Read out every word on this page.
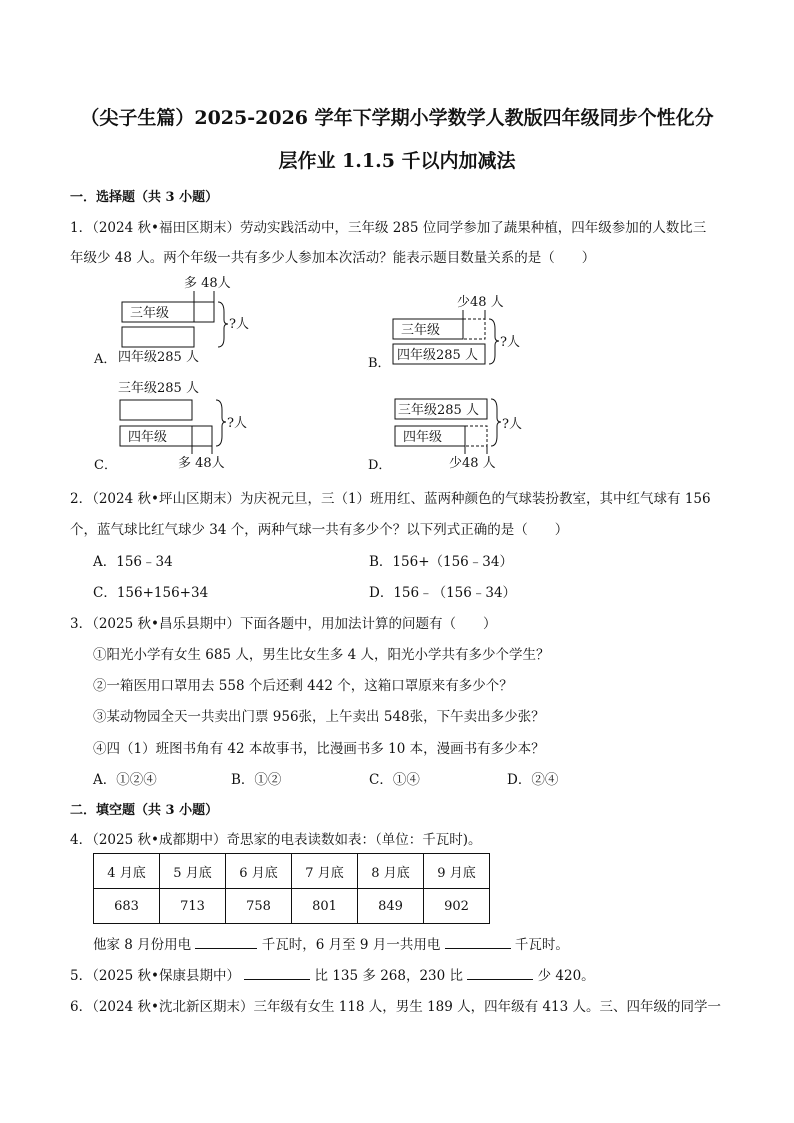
（尖子生篇）2025-2026 学年下学期小学数学人教版四年级同步个性化分
层作业 1.1.5 千以内加减法
一．选择题（共 3 小题）
1．（2024 秋•福田区期末）劳动实践活动中，三年级 285 位同学参加了蔬果种植，四年级参加的人数比三
年级少 48 人。两个年级一共有多少人参加本次活动？能表示题目数量关系的是（　　）
多 48人
三年级
?人
A． 四年级285 人
少48 人
三年级
四年级285 人
?人
B．
三年级285 人
四年级
?人
C．	多 48人
三年级285 人
四年级
?人
D．	少48 人
2．（2024 秋•坪山区期末）为庆祝元旦，三（1）班用红、蓝两种颜色的气球装扮教室，其中红气球有 156
个，蓝气球比红气球少 34 个，两种气球一共有多少个？以下列式正确的是（　　）
A．156﹣34	B．156+（156﹣34）
C．156+156+34	D．156﹣（156﹣34）
3．（2025 秋•昌乐县期中）下面各题中，用加法计算的问题有（　　）
①阳光小学有女生 685 人，男生比女生多 4 人，阳光小学共有多少个学生？
②一箱医用口罩用去 558 个后还剩 442 个，这箱口罩原来有多少个？
③某动物园全天一共卖出门票 956张，上午卖出 548张，下午卖出多少张？
④四（1）班图书角有 42 本故事书，比漫画书多 10 本，漫画书有多少本？
A．①②④	B．①②	C．①④	D．②④
二．填空题（共 3 小题）
4．（2025 秋•成都期中）奇思家的电表读数如表：（单位：千瓦时)。
4 月底	5 月底	6 月底	7 月底	8 月底	9 月底
683	713	758	801	849	902
他家 8 月份用电	千瓦时，6 月至 9 月一共用电	千瓦时。
5．（2025 秋•保康县期中）	比 135 多 268，230 比	少 420。
6．（2024 秋•沈北新区期末）三年级有女生 118 人，男生 189 人，四年级有 413 人。三、四年级的同学一
